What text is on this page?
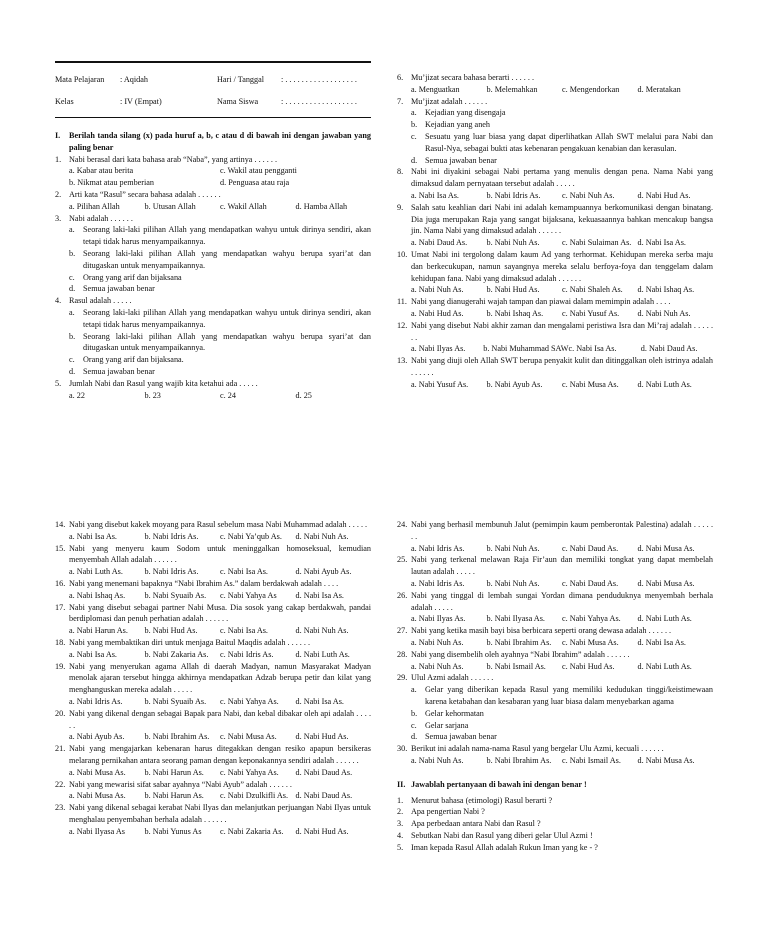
Mata Pelajaran : Aqidah	Hari / Tanggal : . . . . . . . . . . . . . . . . . .
Kelas	: IV (Empat)	Nama Siswa	: . . . . . . . . . . . . . . . . . .
I. Berilah tanda silang (x) pada huruf a, b, c atau d di bawah ini dengan jawaban yang paling benar
1. Nabi berasal dari kata bahasa arab “Naba”, yang artinya . . . . . .
a. Kabar atau berita	c. Wakil atau pengganti
b. Nikmat atau pemberian	d. Penguasa atau raja
2. Arti kata “Rasul” secara bahasa adalah . . . . . .
a. Pilihan Allah	b. Utusan Allah	c. Wakil Allah	d. Hamba Allah
3. Nabi adalah . . . . . .
a. Seorang laki-laki pilihan Allah yang mendapatkan wahyu untuk dirinya sendiri, akan tetapi tidak harus menyampaikannya.
b. Seorang laki-laki pilihan Allah yang mendapatkan wahyu berupa syari’at dan ditugaskan untuk menyampaikannya.
c. Orang yang arif dan bijaksana
d. Semua jawaban benar
4. Rasul adalah . . . . .
a. Seorang laki-laki pilihan Allah yang mendapatkan wahyu untuk dirinya sendiri, akan tetapi tidak harus menyampaikannya.
b. Seorang laki-laki pilihan Allah yang mendapatkan wahyu berupa syari’at dan ditugaskan untuk menyampaikannya.
c. Orang yang arif dan bijaksana.
d. Semua jawaban benar
5. Jumlah Nabi dan Rasul yang wajib kita ketahui ada . . . . .
a. 22	b. 23	c. 24	d. 25
6. Mu’jizat secara bahasa berarti . . . . . .
a. Menguatkan	b. Melemahkan	c. Mengendorkan	d. Meratakan
7. Mu’jizat adalah . . . . . .
a. Kejadian yang disengaja
b. Kejadian yang aneh
c. Sesuatu yang luar biasa yang dapat diperlihatkan Allah SWT melalui para Nabi dan Rasul-Nya, sebagai bukti atas kebenaran pengakuan kenabian dan kerasulan.
d. Semua jawaban benar
8. Nabi ini diyakini sebagai Nabi pertama yang menulis dengan pena. Nama Nabi yang dimaksud dalam pernyataan tersebut adalah . . . . .
a. Nabi Isa As.	b. Nabi Idris As.	c. Nabi Nuh As.	d. Nabi Hud As.
9. Salah satu keahlian dari Nabi ini adalah kemampuannya berkomunikasi dengan binatang. Dia juga merupakan Raja yang sangat bijaksana, kekuasaannya bahkan mencakup bangsa jin. Nama Nabi yang dimaksud adalah . . . . . .
a. Nabi Daud As.	b. Nabi Nuh As.	c. Nabi Sulaiman As. d. Nabi Isa As.
10. Umat Nabi ini tergolong dalam kaum Ad yang terhormat. Kehidupan mereka serba maju dan berkecukupan, namun sayangnya mereka selalu berfoya-foya dan tenggelam dalam kehidupan fana. Nabi yang dimaksud adalah . . . . . .
a. Nabi Nuh As.	b. Nabi Hud As.	c. Nabi Shaleh As.	d. Nabi Ishaq As.
11. Nabi yang dianugerahi wajah tampan dan piawai dalam memimpin adalah . . . .
a. Nabi Hud As.	b. Nabi Ishaq As.	c. Nabi Yusuf As.	d. Nabi Nuh As.
12. Nabi yang disebut Nabi akhir zaman dan mengalami peristiwa Isra dan Mi’raj adalah . . . . . . .
a. Nabi Ilyas As.	b. Nabi Muhammad SAW c. Nabi Isa As.	d. Nabi Daud As.
13. Nabi yang diuji oleh Allah SWT berupa penyakit kulit dan ditinggalkan oleh istrinya adalah . . . . . .
a. Nabi Yusuf As.	b. Nabi Ayub As.	c. Nabi Musa As.	d. Nabi Luth As.
14. Nabi yang disebut kakek moyang para Rasul sebelum masa Nabi Muhammad adalah . . . . .
a. Nabi Isa As.	b. Nabi Idris As.	c. Nabi Ya’qub As.	d. Nabi Nuh As.
15. Nabi yang menyeru kaum Sodom untuk meninggalkan homoseksual, kemudian menyembah Allah adalah . . . . . .
a. Nabi Luth As.	b. Nabi Idris As.	c. Nabi Isa As.	d. Nabi Ayub As.
16. Nabi yang menemani bapaknya “Nabi Ibrahim As.” dalam berdakwah adalah . . . .
a. Nabi Ishaq As.	b. Nabi Syuaib As.	c. Nabi Yahya As	d. Nabi Isa As.
17. Nabi yang disebut sebagai partner Nabi Musa. Dia sosok yang cakap berdakwah, pandai berdiplomasi dan penuh perhatian adalah . . . . . .
a. Nabi Harun As.	b. Nabi Hud As.	c. Nabi Isa As.	d. Nabi Nuh As.
18. Nabi yang membaktikan diri untuk menjaga Baitul Maqdis adalah . . . . . .
a. Nabi Isa As.	b. Nabi Zakaria As.	c. Nabi Idris As.	d. Nabi Luth As.
19. Nabi yang menyerukan agama Allah di daerah Madyan, namun Masyarakat Madyan menolak ajaran tersebut hingga akhirnya mendapatkan Adzab berupa petir dan kilat yang menghanguskan mereka adalah . . . . .
a. Nabi Idris As.	b. Nabi Syuaib As.	c. Nabi Yahya As.	d. Nabi Isa As.
20. Nabi yang dikenal dengan sebagai Bapak para Nabi, dan kebal dibakar oleh api adalah . . . . . .
a. Nabi Ayub As.	b. Nabi Ibrahim As.	c. Nabi Musa As.	d. Nabi Hud As.
21. Nabi yang mengajarkan kebenaran harus ditegakkan dengan resiko apapun bersikeras melarang pernikahan antara seorang paman dengan keponakannya sendiri adalah . . . . . .
a. Nabi Musa As.	b. Nabi Harun As.	c. Nabi Yahya As.	d. Nabi Daud As.
22. Nabi yang mewarisi sifat sabar ayahnya “Nabi Ayub” adalah . . . . . .
a. Nabi Musa As.	b. Nabi Harun As.	c. Nabi Dzulkifli As. d. Nabi Daud As.
23. Nabi yang dikenal sebagai kerabat Nabi Ilyas dan melanjutkan perjuangan Nabi Ilyas untuk menghalau penyembahan berhala adalah . . . . . .
a. Nabi Ilyasa As	b. Nabi Yunus As	c. Nabi Zakaria As.	d. Nabi Hud As.
24. Nabi yang berhasil membunuh Jalut (pemimpin kaum pemberontak Palestina) adalah . . . . . . .
a. Nabi Idris As.	b. Nabi Nuh As.	c. Nabi Daud As.	d. Nabi Musa As.
25. Nabi yang terkenal melawan Raja Fir’aun dan memiliki tongkat yang dapat membelah lautan adalah . . . . .
a. Nabi Idris As.	b. Nabi Nuh As.	c. Nabi Daud As.	d. Nabi Musa As.
26. Nabi yang tinggal di lembah sungai Yordan dimana penduduknya menyembah berhala adalah . . . . .
a. Nabi Ilyas As.	b. Nabi Ilyasa As.	c. Nabi Yahya As.	d. Nabi Luth As.
27. Nabi yang ketika masih bayi bisa berbicara seperti orang dewasa adalah . . . . . .
a. Nabi Nuh As.	b. Nabi Ibrahim As.	c. Nabi Musa As.	d. Nabi Isa As.
28. Nabi yang disembelih oleh ayahnya “Nabi Ibrahim” adalah . . . . . .
a. Nabi Nuh As.	b. Nabi Ismail As.	c. Nabi Hud As.	d. Nabi Luth As.
29. Ulul Azmi adalah . . . . . .
a. Gelar yang diberikan kepada Rasul yang memiliki kedudukan tinggi/keistimewaan karena ketabahan dan kesabaran yang luar biasa dalam menyebarkan agama
b. Gelar kehormatan
c. Gelar sarjana
d. Semua jawaban benar
30. Berikut ini adalah nama-nama Rasul yang bergelar Ulu Azmi, kecuali . . . . . .
a. Nabi Nuh As.	b. Nabi Ibrahim As.	c. Nabi Ismail As.	d. Nabi Musa As.
II. Jawablah pertanyaan di bawah ini dengan benar !
1. Menurut bahasa (etimologi) Rasul berarti ?
2. Apa pengertian Nabi ?
3. Apa perbedaan antara Nabi dan Rasul ?
4. Sebutkan Nabi dan Rasul yang diberi gelar Ulul Azmi !
5. Iman kepada Rasul Allah adalah Rukun Iman yang ke - ?
